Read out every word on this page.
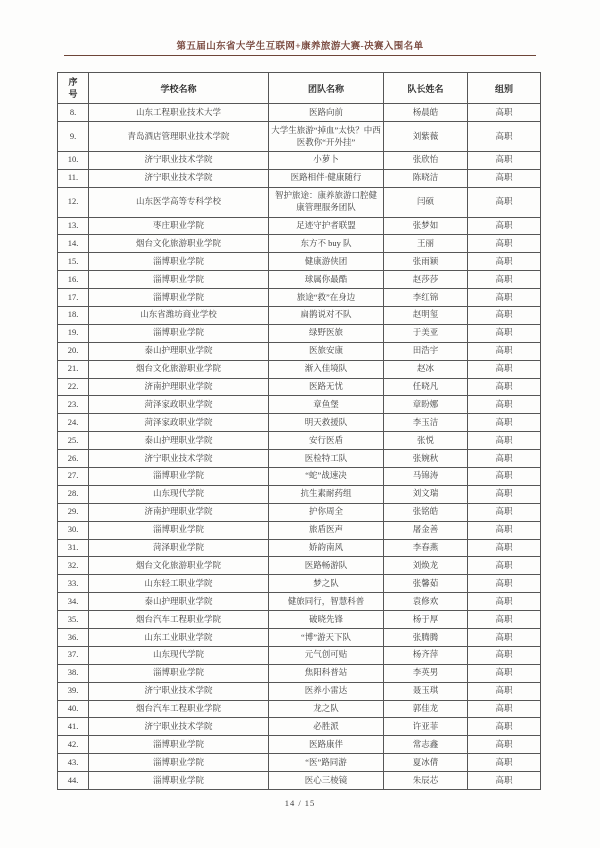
第五届山东省大学生互联网+康养旅游大赛-决赛入围名单
序号	学校名称	团队名称	队长姓名	组别
8.	山东工程职业技术大学	医路向前	杨晨皓	高职
9.	青岛酒店管理职业技术学院	大学生旅游“掉血”太快？中西医教你“开外挂”	刘紫薇	高职
10.	济宁职业技术学院	小萝卜	张欣怡	高职
11.	济宁职业技术学院	医路相伴·健康随行	陈晓洁	高职
12.	山东医学高等专科学校	智护旅途：康养旅游口腔健康管理服务团队	闫硕	高职
13.	枣庄职业学院	足迹守护者联盟	张梦如	高职
14.	烟台文化旅游职业学院	东方不 buy 队	王丽	高职
15.	淄博职业学院	健康游侠团	张雨颖	高职
16.	淄博职业学院	球属你最酷	赵莎莎	高职
17.	淄博职业学院	旅途“救”在身边	李红锦	高职
18.	山东省潍坊商业学校	扁鹊说对不队	赵明玺	高职
19.	淄博职业学院	绿野医旅	于美亚	高职
20.	泰山护理职业学院	医旅安康	田浩宇	高职
21.	烟台文化旅游职业学院	渐入佳境队	赵冰	高职
22.	济南护理职业学院	医路无忧	任晓凡	高职
23.	菏泽家政职业学院	章鱼堡	章盼娜	高职
24.	菏泽家政职业学院	明天救援队	李玉洁	高职
25.	泰山护理职业学院	安行医盾	张悦	高职
26.	济宁职业技术学院	医检特工队	张婉秋	高职
27.	淄博职业学院	“蛇”战速决	马锦涛	高职
28.	山东现代学院	抗生素耐药组	刘文瑞	高职
29.	济南护理职业学院	护你周全	张铭皓	高职
30.	淄博职业学院	旅盾医声	屠金善	高职
31.	菏泽职业学院	娇韵南风	李春燕	高职
32.	烟台文化旅游职业学院	医路畅游队	刘焕龙	高职
33.	山东轻工职业学院	梦之队	张馨茹	高职
34.	泰山护理职业学院	健旅同行，智慧科普	袁修欢	高职
35.	烟台汽车工程职业学院	破晓先锋	杨于厚	高职
36.	山东工业职业学院	“博”游天下队	张腾腾	高职
37.	山东现代学院	元气创可贴	杨齐萍	高职
38.	淄博职业学院	焦阳科普站	李英男	高职
39.	济宁职业技术学院	医养小雷达	聂玉琪	高职
40.	烟台汽车工程职业学院	龙之队	郭佳龙	高职
41.	济宁职业技术学院	必胜派	许亚菲	高职
42.	淄博职业学院	医路康伴	常志鑫	高职
43.	淄博职业学院	“医”路同游	夏冰倩	高职
44.	淄博职业学院	医心三棱镜	朱辰芯	高职
14 / 15
